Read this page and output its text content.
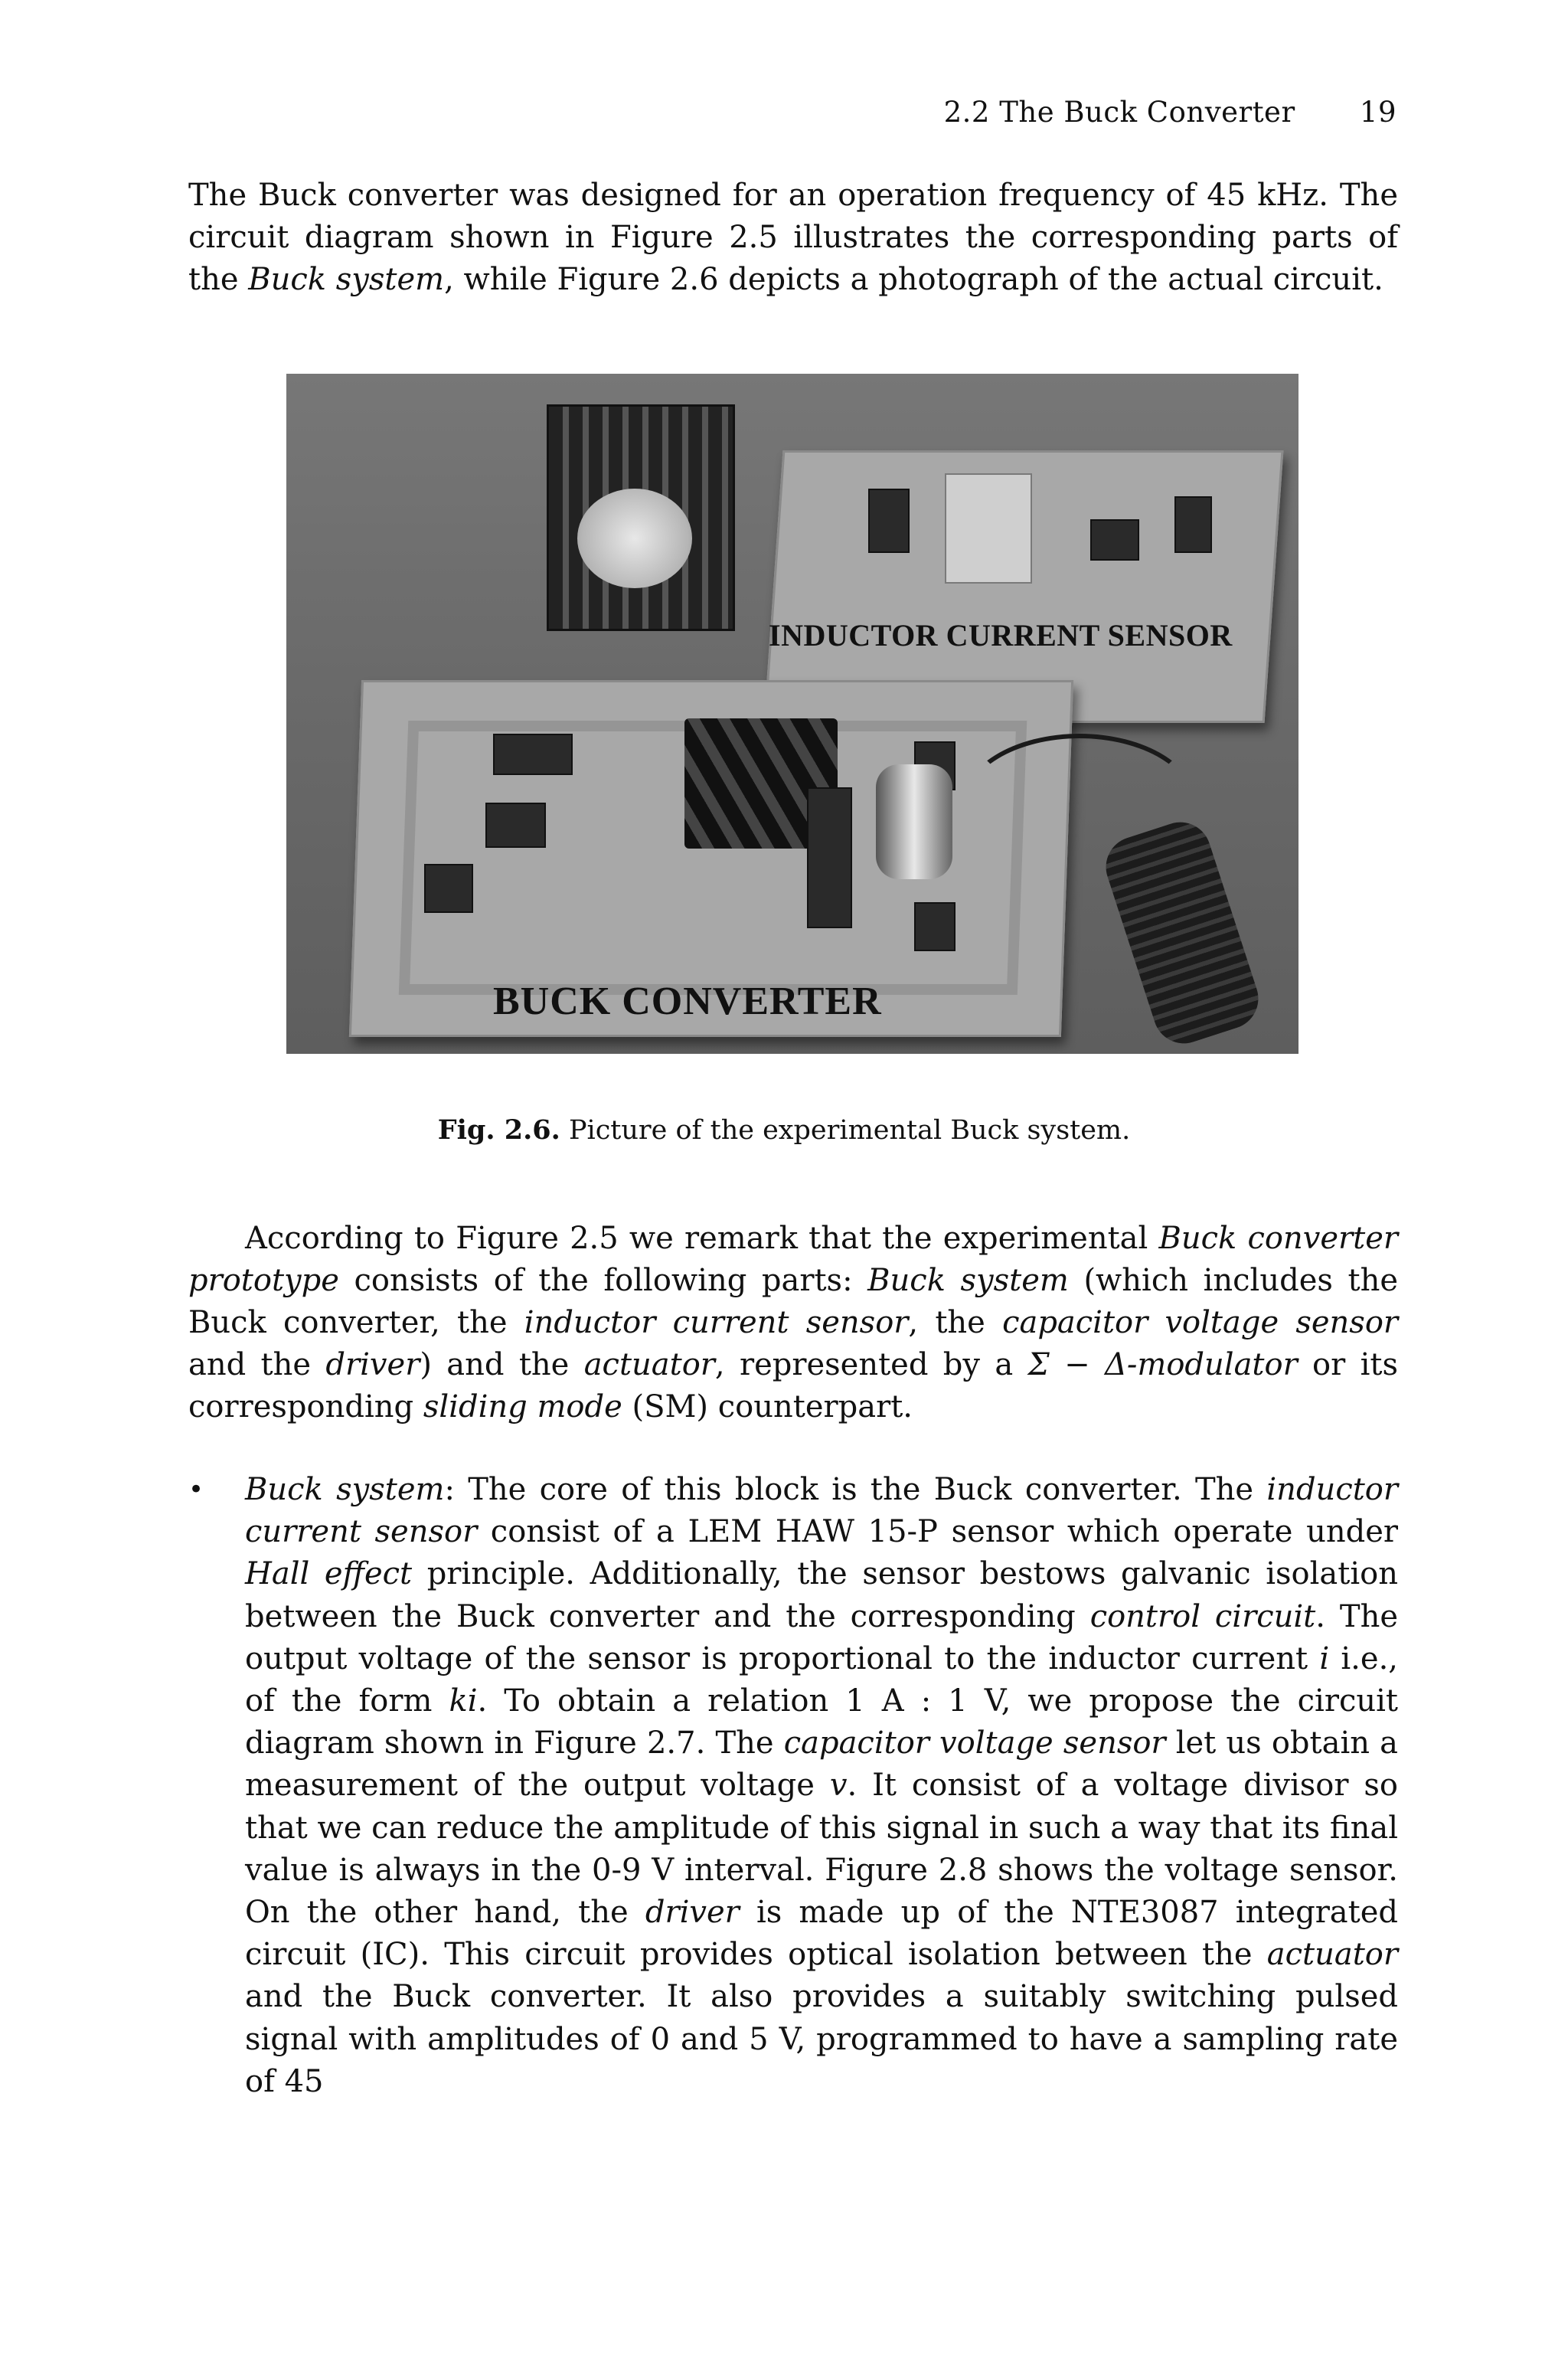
2.2 The Buck Converter 19

The Buck converter was designed for an operation frequency of 45 kHz. The circuit diagram shown in Figure 2.5 illustrates the corresponding parts of the Buck system, while Figure 2.6 depicts a photograph of the actual circuit.

INDUCTOR CURRENT SENSOR
BUCK CONVERTER
Fig. 2.6. Picture of the experimental Buck system.

According to Figure 2.5 we remark that the experimental Buck converter prototype consists of the following parts: Buck system (which includes the Buck converter, the inductor current sensor, the capacitor voltage sensor and the driver) and the actuator, represented by a Σ − Δ-modulator or its corresponding sliding mode (SM) counterpart.

• Buck system: The core of this block is the Buck converter. The inductor current sensor consist of a LEM HAW 15-P sensor which operate under Hall effect principle. Additionally, the sensor bestows galvanic isolation between the Buck converter and the corresponding control circuit. The output voltage of the sensor is proportional to the inductor current i i.e., of the form ki. To obtain a relation 1 A : 1 V, we propose the circuit diagram shown in Figure 2.7. The capacitor voltage sensor let us obtain a measurement of the output voltage v. It consist of a voltage divisor so that we can reduce the amplitude of this signal in such a way that its final value is always in the 0-9 V interval. Figure 2.8 shows the voltage sensor. On the other hand, the driver is made up of the NTE3087 integrated circuit (IC). This circuit provides optical isolation between the actuator and the Buck converter. It also provides a suitably switching pulsed signal with amplitudes of 0 and 5 V, programmed to have a sampling rate of 45
